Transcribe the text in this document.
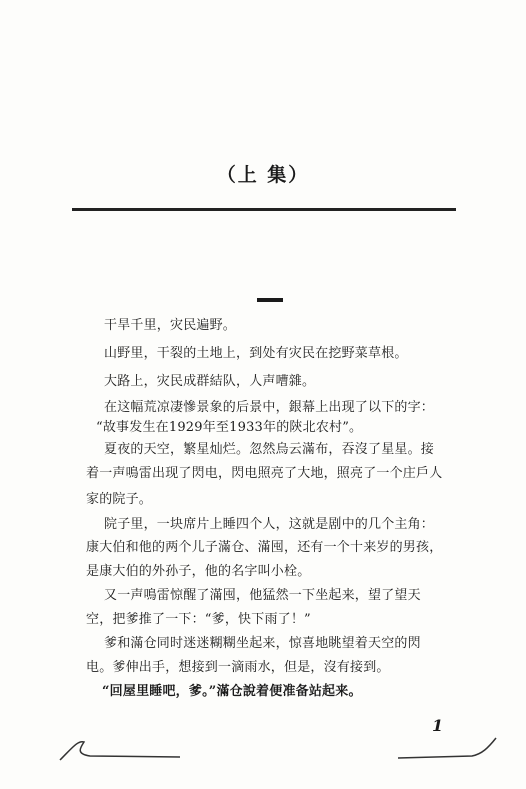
（上 集）
干旱千里，灾民遍野。
山野里，干裂的土地上，到处有灾民在挖野菜草根。
大路上，灾民成群結队，人声嘈雜。
在这幅荒凉凄慘景象的后景中，銀幕上出现了以下的字：
“故事发生在1929年至1933年的陝北农村”。
夏夜的天空，繁星灿烂。忽然烏云滿布，吞沒了星星。接
着一声鳴雷出现了閃电，閃电照亮了大地，照亮了一个庄戶人
家的院子。
院子里，一块席片上睡四个人，这就是剧中的几个主角：
康大伯和他的两个儿子滿仓、滿囤，还有一个十来岁的男孩，
是康大伯的外孙子，他的名字叫小栓。
又一声鳴雷惊醒了滿囤，他猛然一下坐起来，望了望天
空，把爹推了一下：“爹，快下雨了！”
爹和滿仓同时迷迷糊糊坐起来，惊喜地眺望着天空的閃
电。爹伸出手，想接到一滴雨水，但是，沒有接到。
“回屋里睡吧，爹。”滿仓說着便准备站起来。
1
